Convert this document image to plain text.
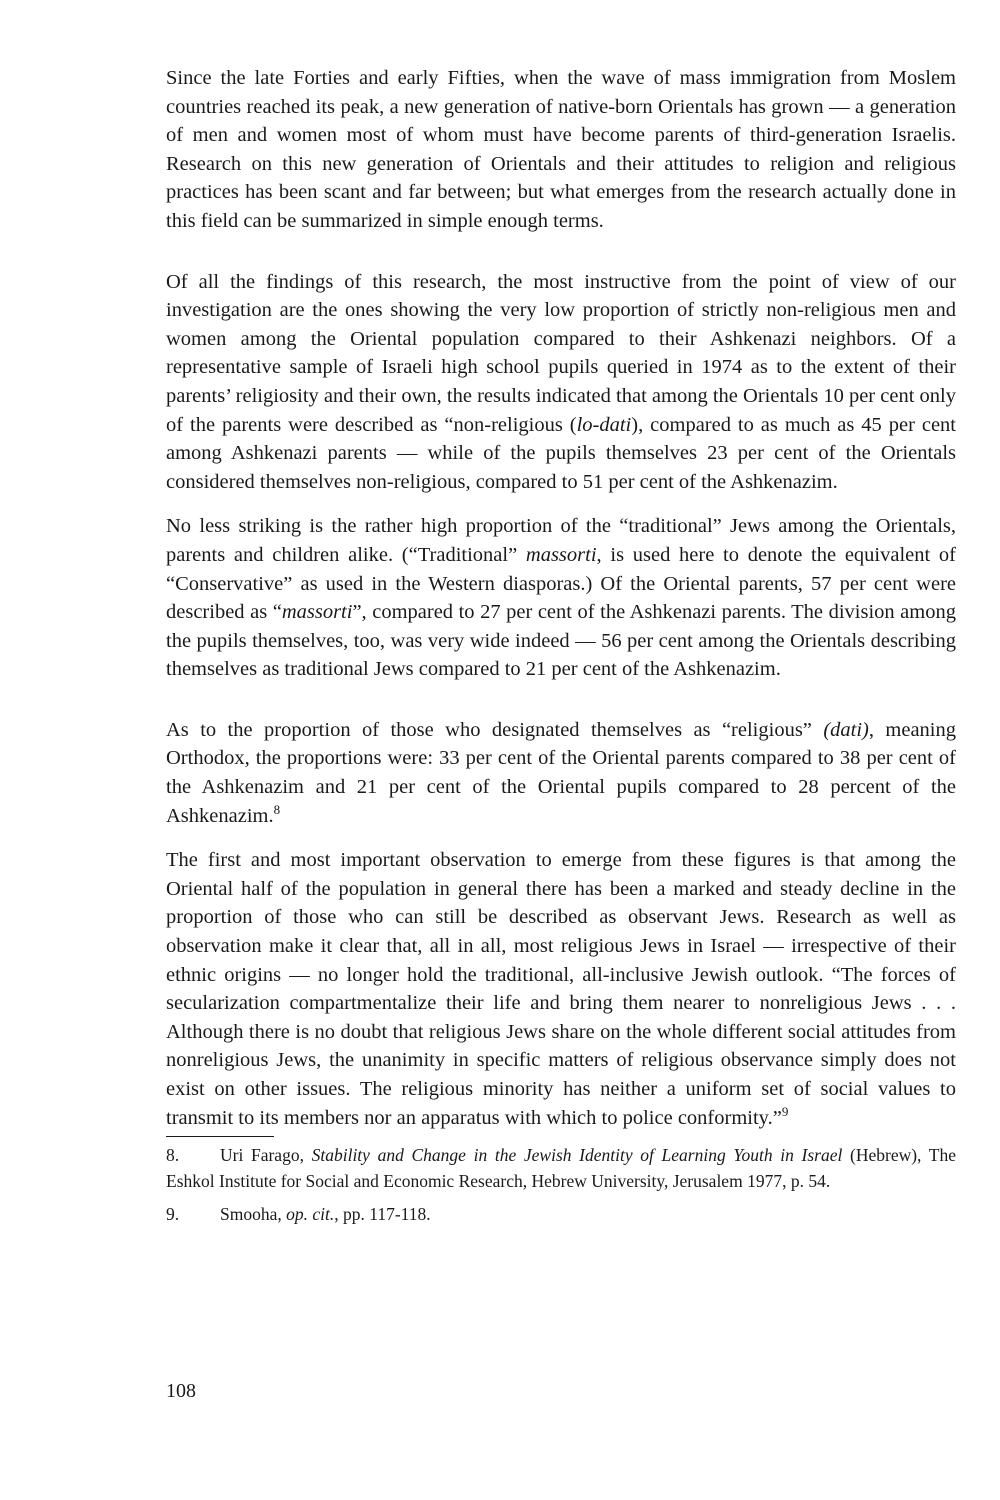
Since the late Forties and early Fifties, when the wave of mass immigration from Moslem countries reached its peak, a new generation of native-born Orientals has grown — a generation of men and women most of whom must have become parents of third-generation Israelis. Research on this new generation of Orientals and their attitudes to religion and religious practices has been scant and far between; but what emerges from the research actually done in this field can be summarized in simple enough terms.

Of all the findings of this research, the most instructive from the point of view of our investigation are the ones showing the very low proportion of strictly non-religious men and women among the Oriental population compared to their Ashkenazi neighbors. Of a representative sample of Israeli high school pupils queried in 1974 as to the extent of their parents’ religiosity and their own, the results indicated that among the Orientals 10 per cent only of the parents were described as “non-religious (lo-dati), compared to as much as 45 per cent among Ashkenazi parents — while of the pupils themselves 23 per cent of the Orientals considered themselves non-religious, compared to 51 per cent of the Ashkenazim.

No less striking is the rather high proportion of the “traditional” Jews among the Orientals, parents and children alike. (“Traditional” massorti, is used here to denote the equivalent of “Conservative” as used in the Western diasporas.) Of the Oriental parents, 57 per cent were described as “massorti”, compared to 27 per cent of the Ashkenazi parents. The division among the pupils themselves, too, was very wide indeed — 56 per cent among the Orientals describing themselves as traditional Jews compared to 21 per cent of the Ashkenazim.

As to the proportion of those who designated themselves as “religious” (dati), meaning Orthodox, the proportions were: 33 per cent of the Oriental parents compared to 38 per cent of the Ashkenazim and 21 per cent of the Oriental pupils compared to 28 percent of the Ashkenazim.$^8$

The first and most important observation to emerge from these figures is that among the Oriental half of the population in general there has been a marked and steady decline in the proportion of those who can still be described as observant Jews. Research as well as observation make it clear that, all in all, most religious Jews in Israel — irrespective of their ethnic origins — no longer hold the traditional, all-inclusive Jewish outlook. “The forces of secularization compartmentalize their life and bring them nearer to nonreligious Jews . . . Although there is no doubt that religious Jews share on the whole different social attitudes from nonreligious Jews, the unanimity in specific matters of religious observance simply does not exist on other issues. The religious minority has neither a uniform set of social values to transmit to its members nor an apparatus with which to police conformity.”$^9$

8. Uri Farago, Stability and Change in the Jewish Identity of Learning Youth in Israel (Hebrew), The Eshkol Institute for Social and Economic Research, Hebrew University, Jerusalem 1977, p. 54.
9. Smooha, op. cit., pp. 117-118.
108
